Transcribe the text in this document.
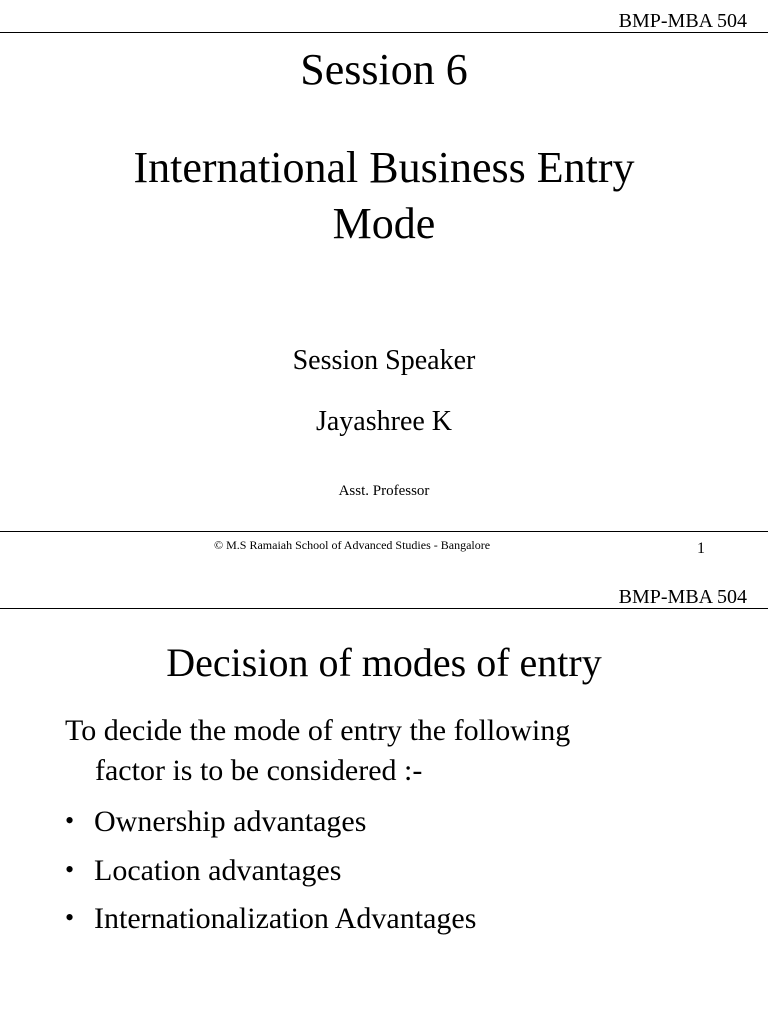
BMP-MBA 504
Session 6
International Business Entry
Mode
Session Speaker
Jayashree K
Asst. Professor
© M.S Ramaiah School of Advanced Studies - Bangalore	1
BMP-MBA 504
Decision of modes of entry
To decide the mode of entry the following
factor is to be considered :-
• Ownership advantages
• Location advantages
• Internationalization Advantages
